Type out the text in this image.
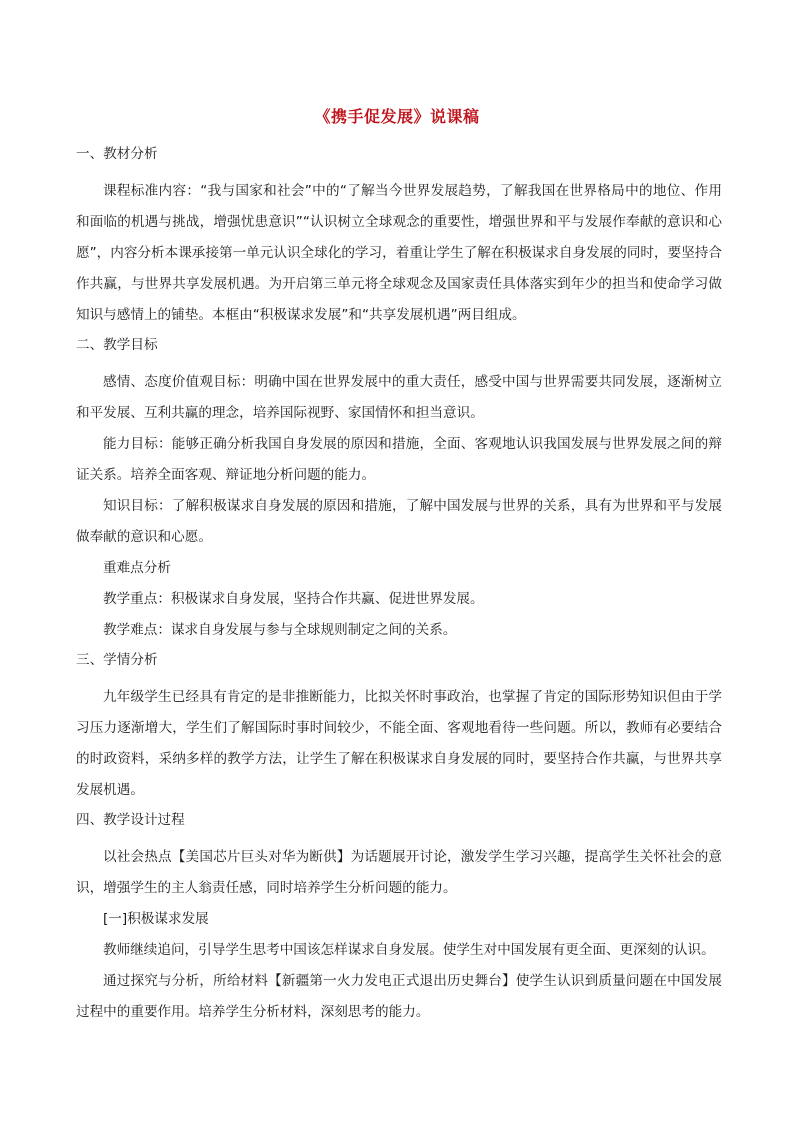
《携手促发展》说课稿
一、教材分析

课程标准内容：“我与国家和社会”中的“了解当今世界发展趋势，了解我国在世界格局中的地位、作用和面临的机遇与挑战，增强忧患意识”“认识树立全球观念的重要性，增强世界和平与发展作奉献的意识和心愿”，内容分析本课承接第一单元认识全球化的学习，着重让学生了解在积极谋求自身发展的同时，要坚持合作共赢，与世界共享发展机遇。为开启第三单元将全球观念及国家责任具体落实到年少的担当和使命学习做知识与感情上的铺垫。本框由“积极谋求发展”和“共享发展机遇”两目组成。

二、教学目标

感情、态度价值观目标：明确中国在世界发展中的重大责任，感受中国与世界需要共同发展，逐渐树立和平发展、互利共赢的理念，培养国际视野、家国情怀和担当意识。

能力目标：能够正确分析我国自身发展的原因和措施，全面、客观地认识我国发展与世界发展之间的辩证关系。培养全面客观、辩证地分析问题的能力。

知识目标：了解积极谋求自身发展的原因和措施，了解中国发展与世界的关系，具有为世界和平与发展做奉献的意识和心愿。

重难点分析
教学重点：积极谋求自身发展，坚持合作共赢、促进世界发展。
教学难点：谋求自身发展与参与全球规则制定之间的关系。
三、学情分析

九年级学生已经具有肯定的是非推断能力，比拟关怀时事政治，也掌握了肯定的国际形势知识但由于学习压力逐渐增大，学生们了解国际时事时间较少，不能全面、客观地看待一些问题。所以，教师有必要结合的时政资料，采纳多样的教学方法，让学生了解在积极谋求自身发展的同时，要坚持合作共赢，与世界共享发展机遇。

四、教学设计过程

以社会热点【美国芯片巨头对华为断供】为话题展开讨论，激发学生学习兴趣，提高学生关怀社会的意识，增强学生的主人翁责任感，同时培养学生分析问题的能力。

[一]积极谋求发展

教师继续追问，引导学生思考中国该怎样谋求自身发展。使学生对中国发展有更全面、更深刻的认识。

通过探究与分析，所给材料【新疆第一火力发电正式退出历史舞台】使学生认识到质量问题在中国发展过程中的重要作用。培养学生分析材料，深刻思考的能力。
